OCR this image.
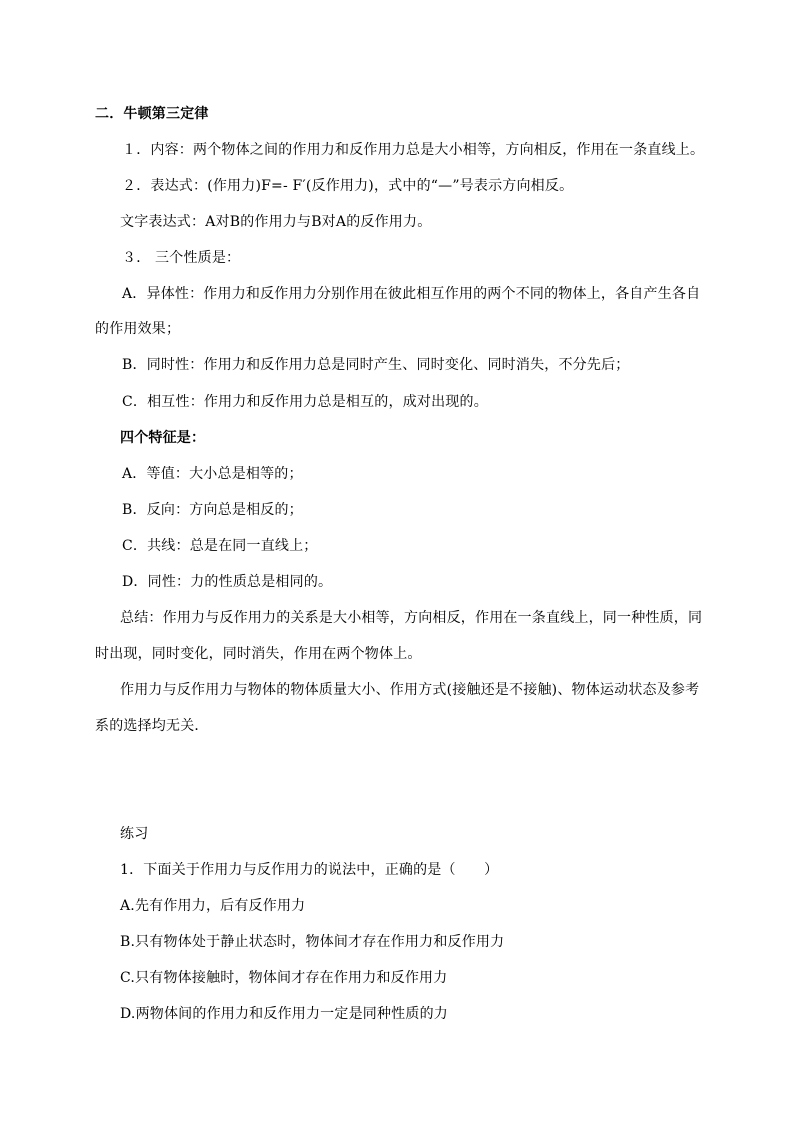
二．牛顿第三定律
１．内容：两个物体之间的作用力和反作用力总是大小相等，方向相反，作用在一条直线上。
２．表达式：(作用力)F=- F′(反作用力)，式中的“—”号表示方向相反。
文字表达式：A对B的作用力与B对A的反作用力。
３． 三个性质是：
A．异体性：作用力和反作用力分别作用在彼此相互作用的两个不同的物体上，各自产生各自
的作用效果；
B．同时性：作用力和反作用力总是同时产生、同时变化、同时消失，不分先后；
C．相互性：作用力和反作用力总是相互的，成对出现的。
四个特征是：
A．等值：大小总是相等的；
B．反向：方向总是相反的；
C．共线：总是在同一直线上；
D．同性：力的性质总是相同的。
总结：作用力与反作用力的关系是大小相等，方向相反，作用在一条直线上，同一种性质，同
时出现，同时变化，同时消失，作用在两个物体上。
作用力与反作用力与物体的物体质量大小、作用方式(接触还是不接触)、物体运动状态及参考
系的选择均无关．
练习
1．下面关于作用力与反作用力的说法中，正确的是（　　）
A.先有作用力，后有反作用力
B.只有物体处于静止状态时，物体间才存在作用力和反作用力
C.只有物体接触时，物体间才存在作用力和反作用力
D.两物体间的作用力和反作用力一定是同种性质的力
